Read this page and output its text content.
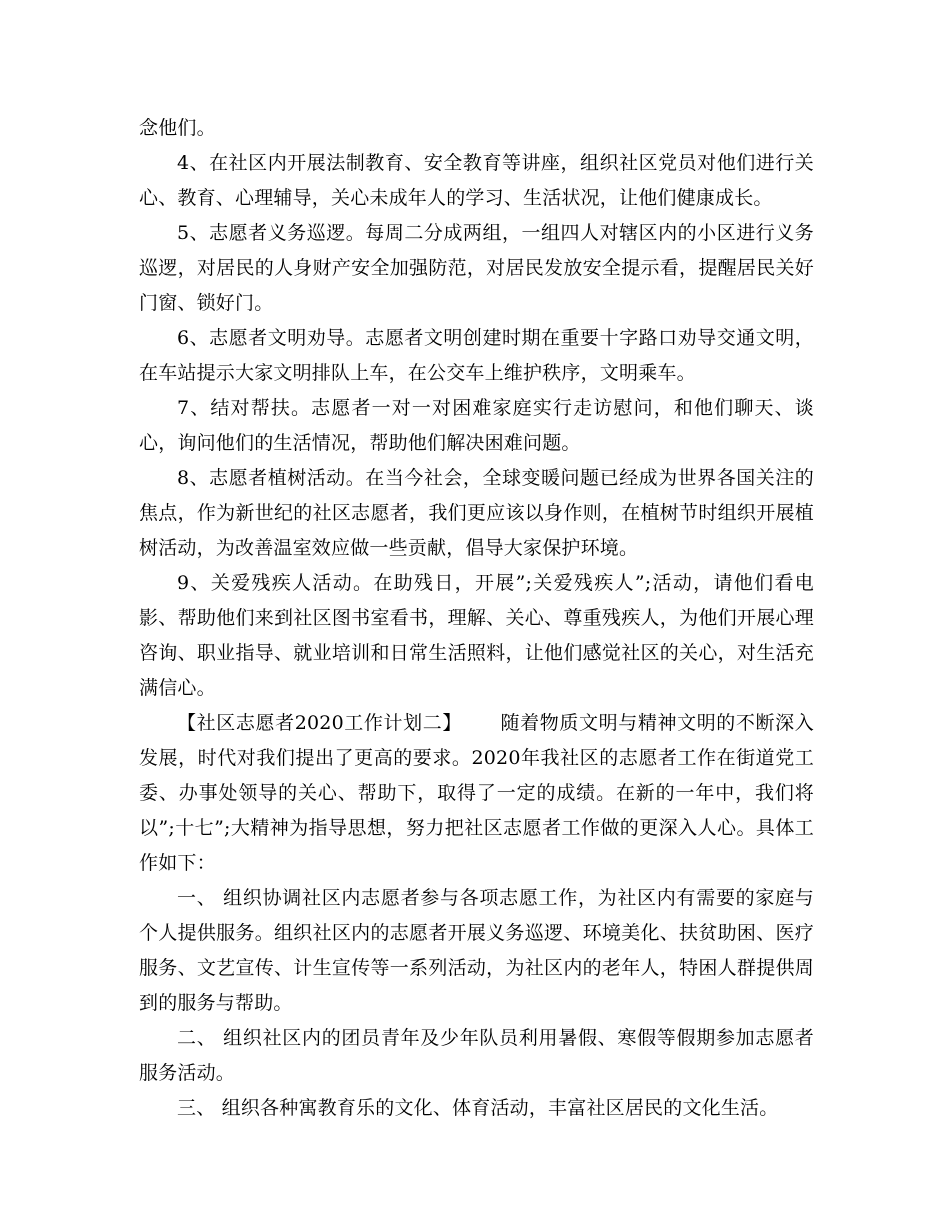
念他们。

4、在社区内开展法制教育、安全教育等讲座，组织社区党员对他们进行关心、教育、心理辅导，关心未成年人的学习、生活状况，让他们健康成长。

5、志愿者义务巡逻。每周二分成两组，一组四人对辖区内的小区进行义务巡逻，对居民的人身财产安全加强防范，对居民发放安全提示看，提醒居民关好门窗、锁好门。

6、志愿者文明劝导。志愿者文明创建时期在重要十字路口劝导交通文明，在车站提示大家文明排队上车，在公交车上维护秩序，文明乘车。

7、结对帮扶。志愿者一对一对困难家庭实行走访慰问，和他们聊天、谈心，询问他们的生活情况，帮助他们解决困难问题。

8、志愿者植树活动。在当今社会，全球变暖问题已经成为世界各国关注的焦点，作为新世纪的社区志愿者，我们更应该以身作则，在植树节时组织开展植树活动，为改善温室效应做一些贡献，倡导大家保护环境。

9、关爱残疾人活动。在助残日，开展”;关爱残疾人”;活动，请他们看电影、帮助他们来到社区图书室看书，理解、关心、尊重残疾人，为他们开展心理咨询、职业指导、就业培训和日常生活照料，让他们感觉社区的关心，对生活充满信心。

【社区志愿者2020工作计划二】 随着物质文明与精神文明的不断深入发展，时代对我们提出了更高的要求。2020年我社区的志愿者工作在街道党工委、办事处领导的关心、帮助下，取得了一定的成绩。在新的一年中，我们将以”;十七”;大精神为指导思想，努力把社区志愿者工作做的更深入人心。具体工作如下：

一、 组织协调社区内志愿者参与各项志愿工作，为社区内有需要的家庭与个人提供服务。组织社区内的志愿者开展义务巡逻、环境美化、扶贫助困、医疗服务、文艺宣传、计生宣传等一系列活动，为社区内的老年人，特困人群提供周到的服务与帮助。

二、 组织社区内的团员青年及少年队员利用暑假、寒假等假期参加志愿者服务活动。

三、 组织各种寓教育乐的文化、体育活动，丰富社区居民的文化生活。
